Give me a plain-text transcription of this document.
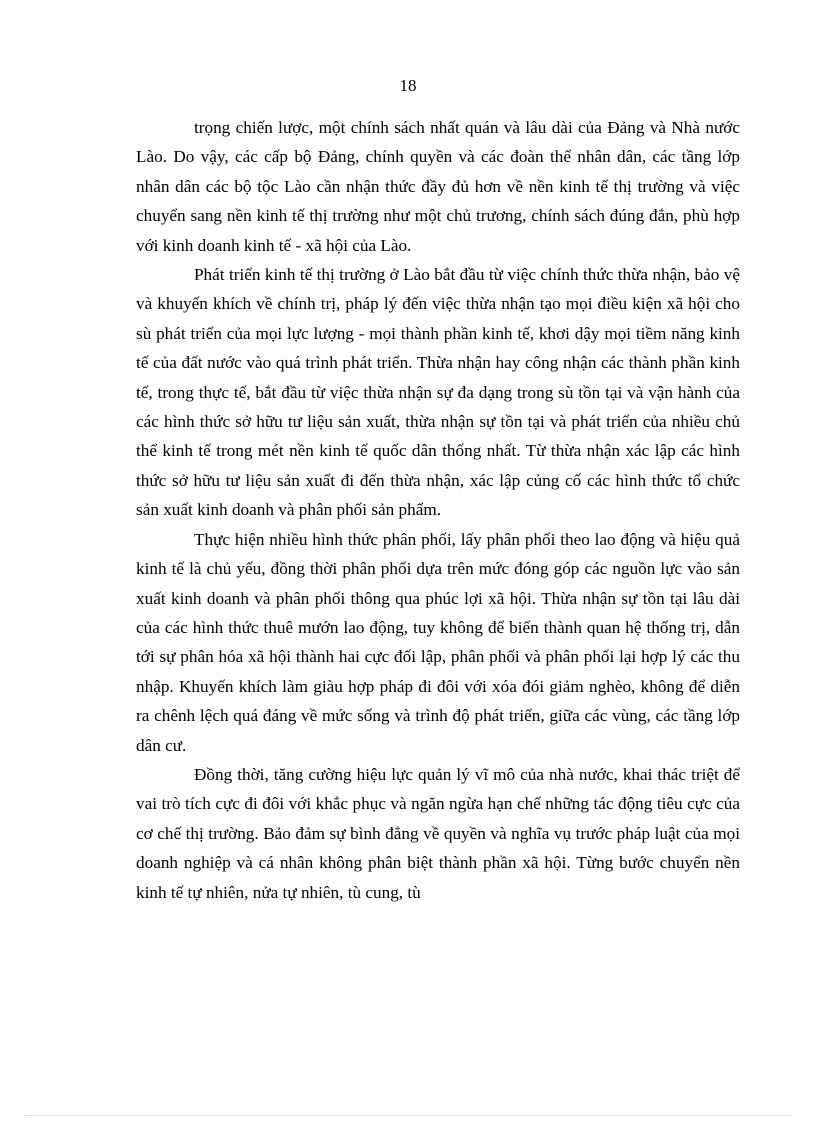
18

trọng chiến lược, một chính sách nhất quán và lâu dài của Đảng và Nhà nước Lào. Do vậy, các cấp bộ Đảng, chính quyền và các đoàn thể nhân dân, các tầng lớp nhân dân các bộ tộc Lào cần nhận thức đầy đủ hơn về nền kinh tế thị trường và việc chuyển sang nền kinh tế thị trường như một chủ trương, chính sách đúng đắn, phù hợp với kinh doanh kinh tế - xã hội của Lào.

Phát triển kinh tế thị trường ở Lào bắt đầu từ việc chính thức thừa nhận, bảo vệ và khuyến khích về chính trị, pháp lý đến việc thừa nhận tạo mọi điều kiện xã hội cho sù phát triển của mọi lực lượng - mọi thành phần kinh tế, khơi dậy mọi tiềm năng kinh tế của đất nước vào quá trình phát triển. Thừa nhận hay công nhận các thành phần kinh tế, trong thực tế, bắt đầu từ việc thừa nhận sự đa dạng trong sù tồn tại và vận hành của các hình thức sở hữu tư liệu sản xuất, thừa nhận sự tồn tại và phát triển của nhiều chủ thể kinh tế trong mét nền kinh tế quốc dân thống nhất. Từ thừa nhận xác lập các hình thức sở hữu tư liệu sản xuất đi đến thừa nhận, xác lập củng cố các hình thức tổ chức sản xuất kinh doanh và phân phối sản phẩm.

Thực hiện nhiều hình thức phân phối, lấy phân phối theo lao động và hiệu quả kinh tế là chủ yếu, đồng thời phân phối dựa trên mức đóng góp các nguồn lực vào sản xuất kinh doanh và phân phối thông qua phúc lợi xã hội. Thừa nhận sự tồn tại lâu dài của các hình thức thuê mướn lao động, tuy không để biến thành quan hệ thống trị, dẫn tới sự phân hóa xã hội thành hai cực đối lập, phân phối và phân phối lại hợp lý các thu nhập. Khuyến khích làm giàu hợp pháp đi đôi với xóa đói giảm nghèo, không để diễn ra chênh lệch quá đáng về mức sống và trình độ phát triển, giữa các vùng, các tầng lớp dân cư.

Đồng thời, tăng cường hiệu lực quản lý vĩ mô của nhà nước, khai thác triệt để vai trò tích cực đi đôi với khắc phục và ngăn ngừa hạn chế những tác động tiêu cực của cơ chế thị trường. Bảo đảm sự bình đẳng về quyền và nghĩa vụ trước pháp luật của mọi doanh nghiệp và cá nhân không phân biệt thành phần xã hội. Từng bước chuyển nền kinh tế tự nhiên, nửa tự nhiên, tù cung, tù
